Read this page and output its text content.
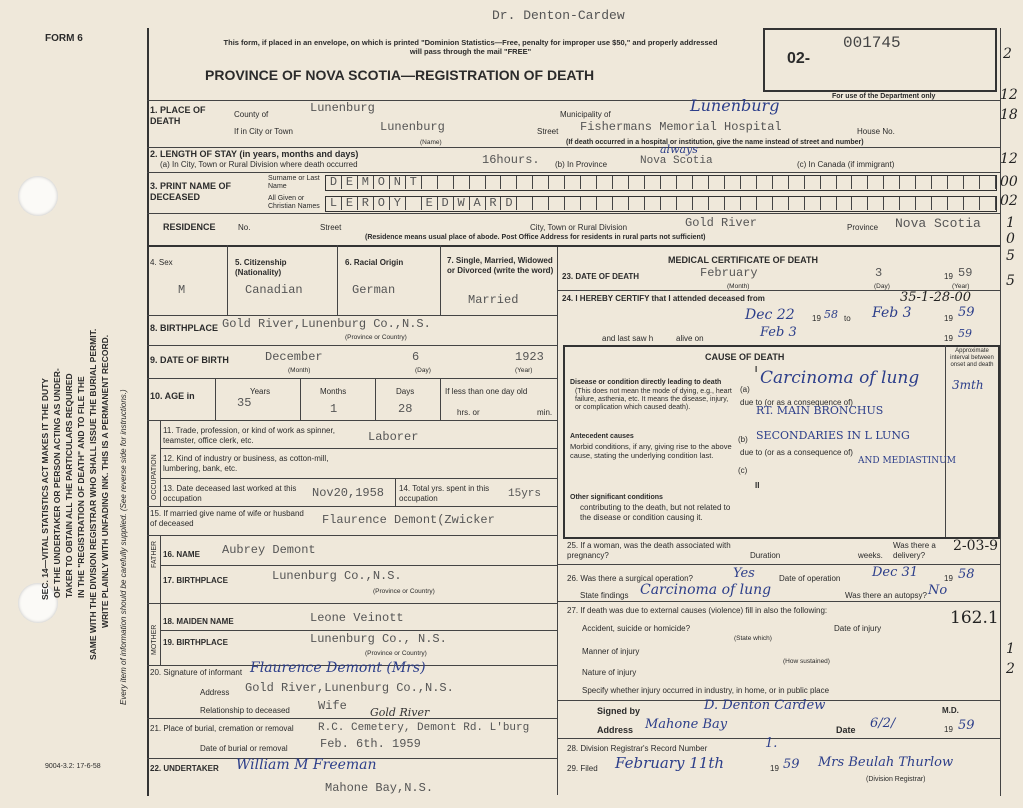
SEC. 14—VITAL STATISTICS ACT MAKES IT THE DUTY OF THE UNDERTAKER OR PERSON ACTING AS UNDER- TAKER TO OBTAIN ALL THE PARTICULARS REQUIRED IN THE "REGISTRATION OF DEATH" AND TO FILE THE SAME WITH THE DIVISION REGISTRAR WHO SHALL ISSUE THE BURIAL PERMIT. WRITE PLAINLY WITH UNFADING INK. THIS IS A PERMANENT RECORD. Every item of information should be carefully supplied. (See reverse side for instructions.)
Dr. Denton-Cardew
FORM 6	This form, if placed in an envelope, on which is printed "Dominion Statistics—Free, penalty for improper use $50," and properly addressed will pass through the mail "FREE"
PROVINCE OF NOVA SCOTIA—REGISTRATION OF DEATH
02-
001745
For use of the Department only
1. PLACE OF DEATH
County of	Lunenburg	Municipality of	Lunenburg
If in City or Town	Lunenburg
(Name)
Street Fishermans Memorial Hospital	House No.
(If death occurred in a hospital or institution, give the name instead of street and number)
2. LENGTH OF STAY (in years, months and days)
(a) In City, Town or Rural Division where death occurred	16hours. (b) In Province
always
Nova Scotia	(c) In Canada (if immigrant)
3. PRINT NAME OF DECEASED
Surname or Last Name
All Given or Christian Names
D E M O N T
L E R O Y	E D W A R D
RESIDENCE	No.	Street	City, Town or Rural Division	Gold River	Province Nova Scotia
(Residence means usual place of abode. Post Office Address for residents in rural parts not sufficient)
4. Sex
M
5. Citizenship (Nationality)
Canadian
6. Racial Origin
German
7. Single, Married, Widowed or Divorced (write the word)
Married
8. BIRTHPLACE Gold River,Lunenburg Co.,N.S.
(Province or Country)
9. DATE OF BIRTH	December	6	1923
(Month)	(Day)	(Year)
10. AGE in	Years
35
Months
1
Days
28
If less than one day old
hrs. or	min.
OCCUPATION
11. Trade, profession, or kind of work as spinner, teamster, office clerk, etc.	Laborer
12. Kind of industry or business, as cotton-mill, lumbering, bank, etc.
13. Date deceased last worked at this occupation	Nov20,1958 14. Total yrs. spent in this occupation	15yrs
15. If married give name of wife or husband of deceased	Flaurence Demont(Zwicker
FATHER 16. NAME Aubrey Demont
17. BIRTHPLACE	Lunenburg Co.,N.S.
(Province or Country)
MOTHER
18. MAIDEN NAME	Leone Veinott
19. BIRTHPLACE	Lunenburg Co., N.S.
(Province or Country)
20. Signature of informant Flaurence Demont (Mrs)
Address Gold River,Lunenburg Co.,N.S.
Relationship to deceased Wife
21. Place of burial, cremation or removal R.C. Cemetery, Demont Rd. L'burg
Gold River
Date of burial or removal	Feb. 6th. 1959
22. UNDERTAKER William M Freeman
Mahone Bay,N.S.
9004-3.2: 17-6-58
MEDICAL CERTIFICATE OF DEATH
23. DATE OF DEATH	February	3	19 59
(Month)	(Day)	(Year)
24. I HEREBY CERTIFY that I attended deceased from
Dec 22 19 58 to Feb 3	19 59
35-1-28-00
and last saw h	alive on	Feb 3	19 59
CAUSE OF DEATH
Approximate interval between onset and death
I
Disease or condition directly leading to death
(This does not mean the mode of dying, e.g., heart failure, asthenia, etc. It means the disease, injury, or complication which caused death).
(a)
Carcinoma of lung	3mth
due to (or as a consequence of)
RT. MAIN BRONCHUS
Antecedent causes
Morbid conditions, if any, giving rise to the above cause, stating the underlying condition last.
(b) SECONDARIES IN L LUNG
due to (or as a consequence of)
AND MEDIASTINUM
(c)
II
Other significant conditions
contributing to the death, but not related to the disease or condition causing it.
25. If a woman, was the death associated with pregnancy?	Duration	weeks.
Was there a delivery?
2-03-9
26. Was there a surgical operation?	Yes	Date of operation Dec 31	19 58
State findings Carcinoma of lung	Was there an autopsy? No
27. If death was due to external causes (violence) fill in also the following:
Accident, suicide or homicide?	Date of injury
162.1
(State which)
Manner of injury
(How sustained)
Nature of injury
Specify whether injury occurred in industry, in home, or in public place
Signed by	D. Denton Cardew	M.D.
Address Mahone Bay	Date 6/2/	19 59
28. Division Registrar's Record Number	1.
29. Filed February 11th	19 59 Mrs Beulah Thurlow
(Division Registrar)
2
12
18
12
00
02
1
0
5
5
1
2
